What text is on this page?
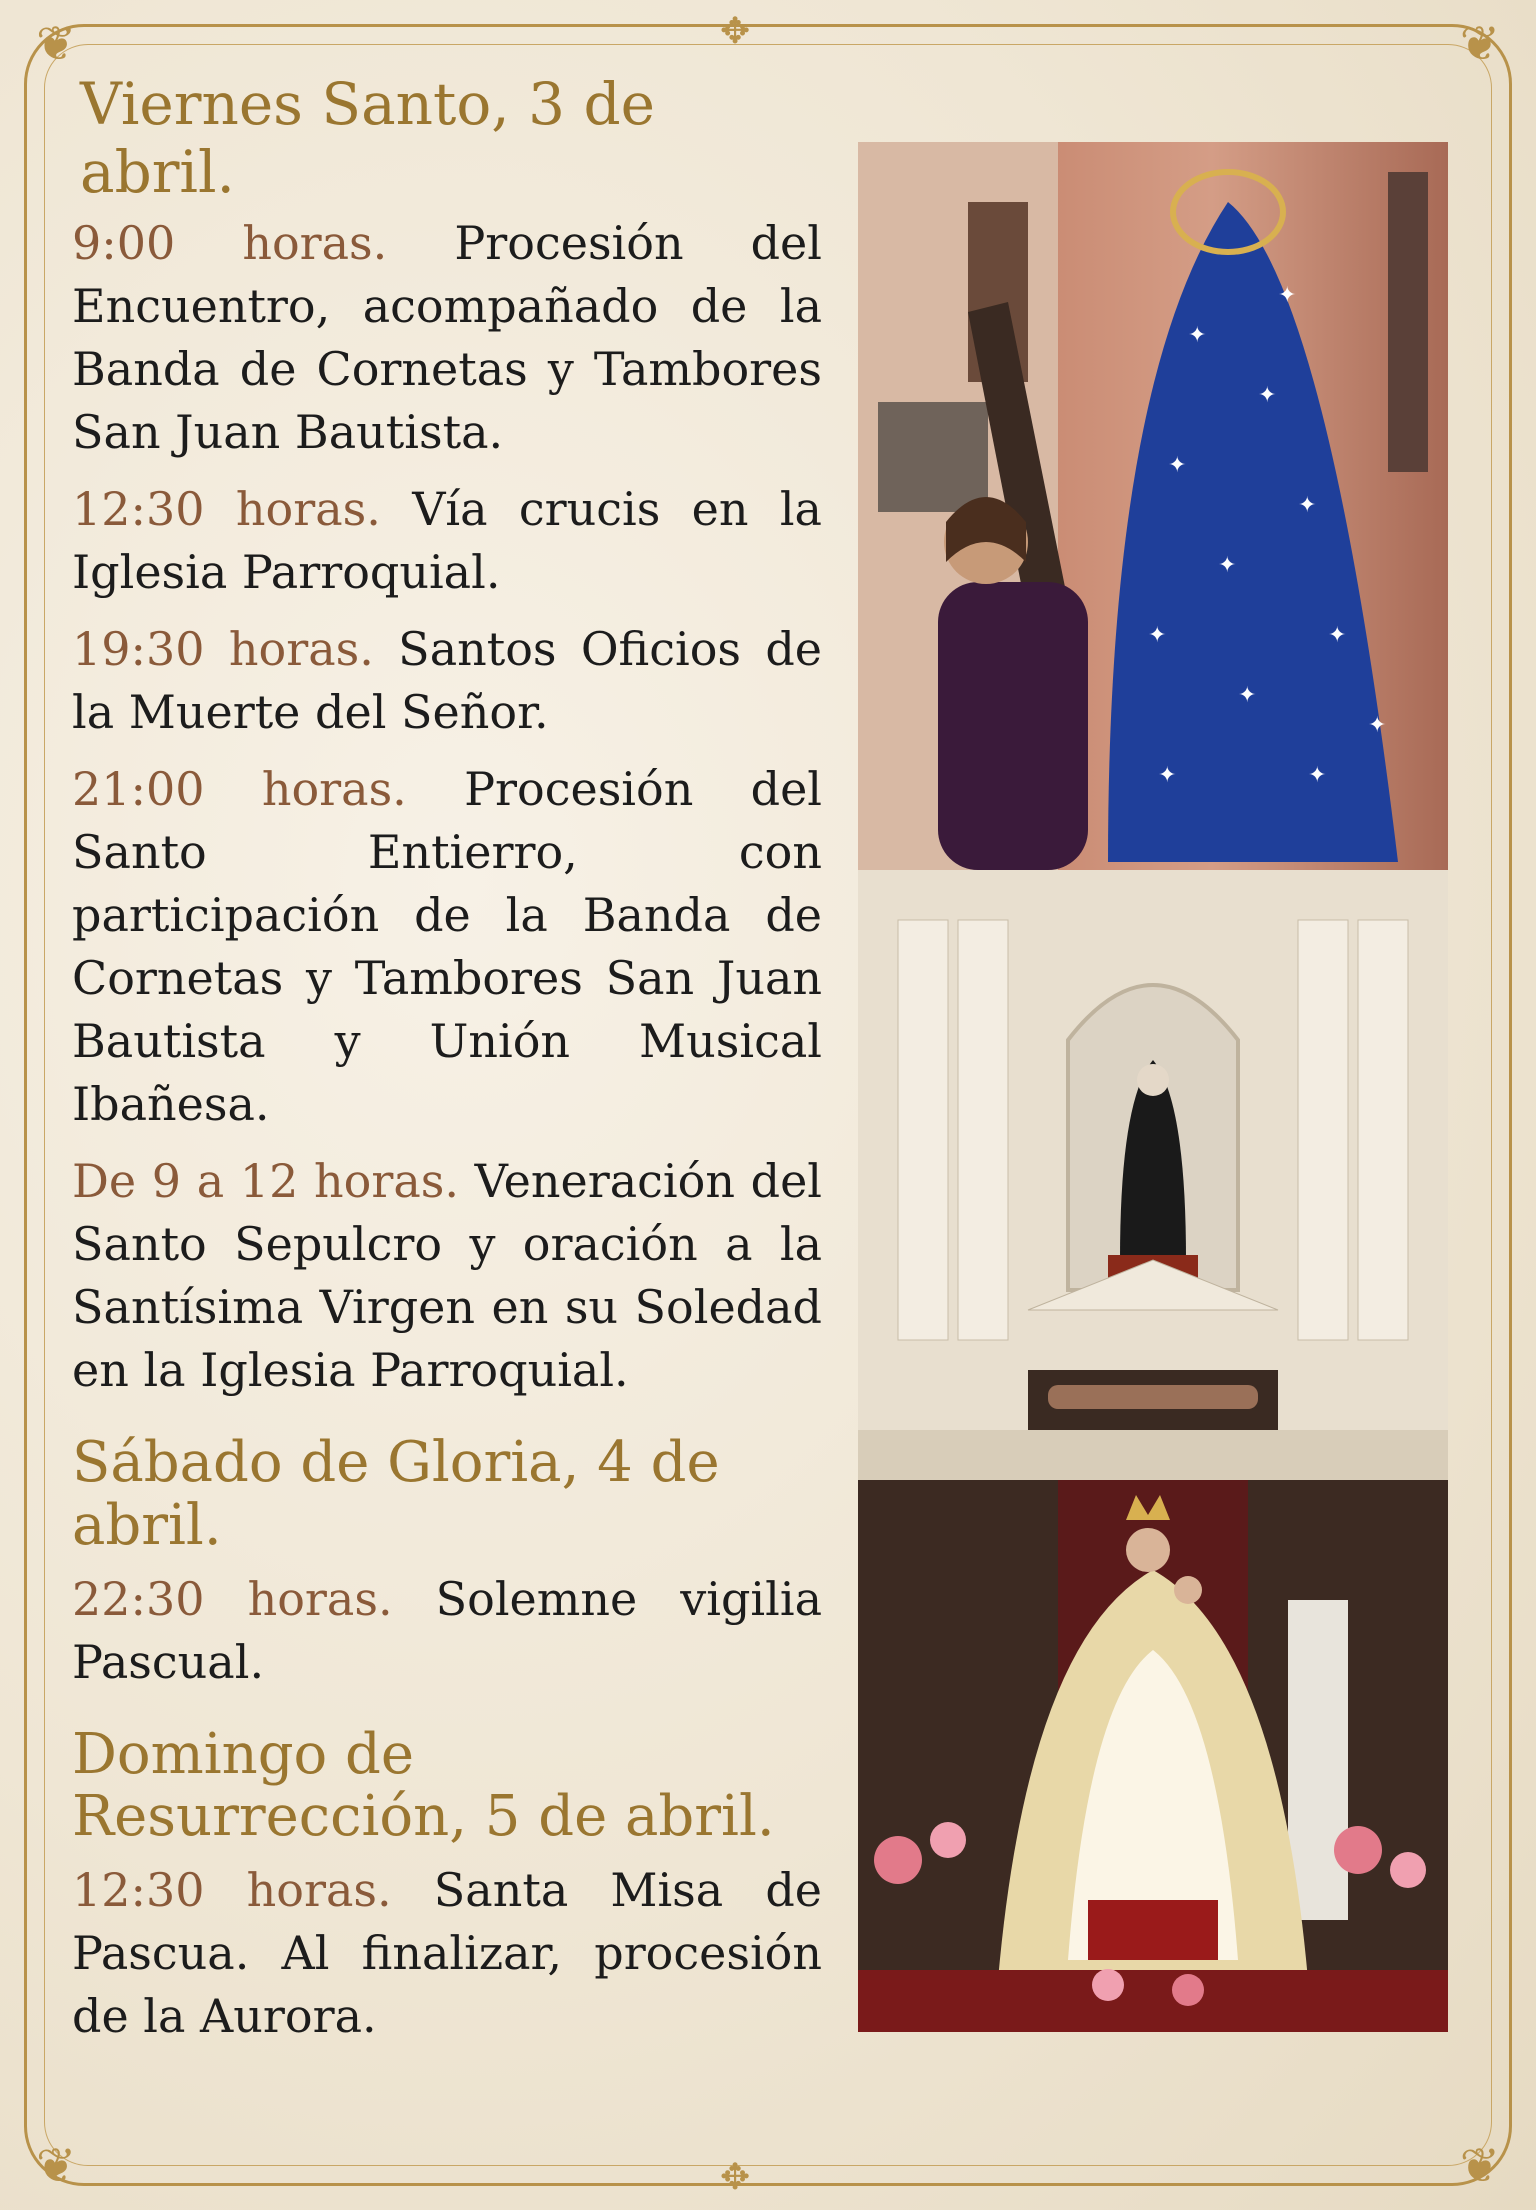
❦	❦
❦	❦
✥
✥
Viernes Santo, 3 de abril.

9:00 horas. Procesión del Encuentro, acompañado de la Banda de Cornetas y Tambores San Juan Bautista.

12:30 horas. Vía crucis en la Iglesia Parroquial.

19:30 horas. Santos Oficios de la Muerte del Señor.

21:00 horas. Procesión del Santo Entierro, con participación de la Banda de Cornetas y Tambores San Juan Bautista y Unión Musical Ibañesa.

De 9 a 12 horas. Veneración del Santo Sepulcro y oración a la Santísima Virgen en su Soledad en la Iglesia Parroquial.

Sábado de Gloria, 4 de abril.

22:30 horas. Solemne vigilia Pascual.

Domingo de Resurrección, 5 de abril.

12:30 horas. Santa Misa de Pascua. Al finalizar, procesión de la Aurora.

✦
✦
✦
✦
✦
✦	✦
✦
✦	✦
✦
✦
